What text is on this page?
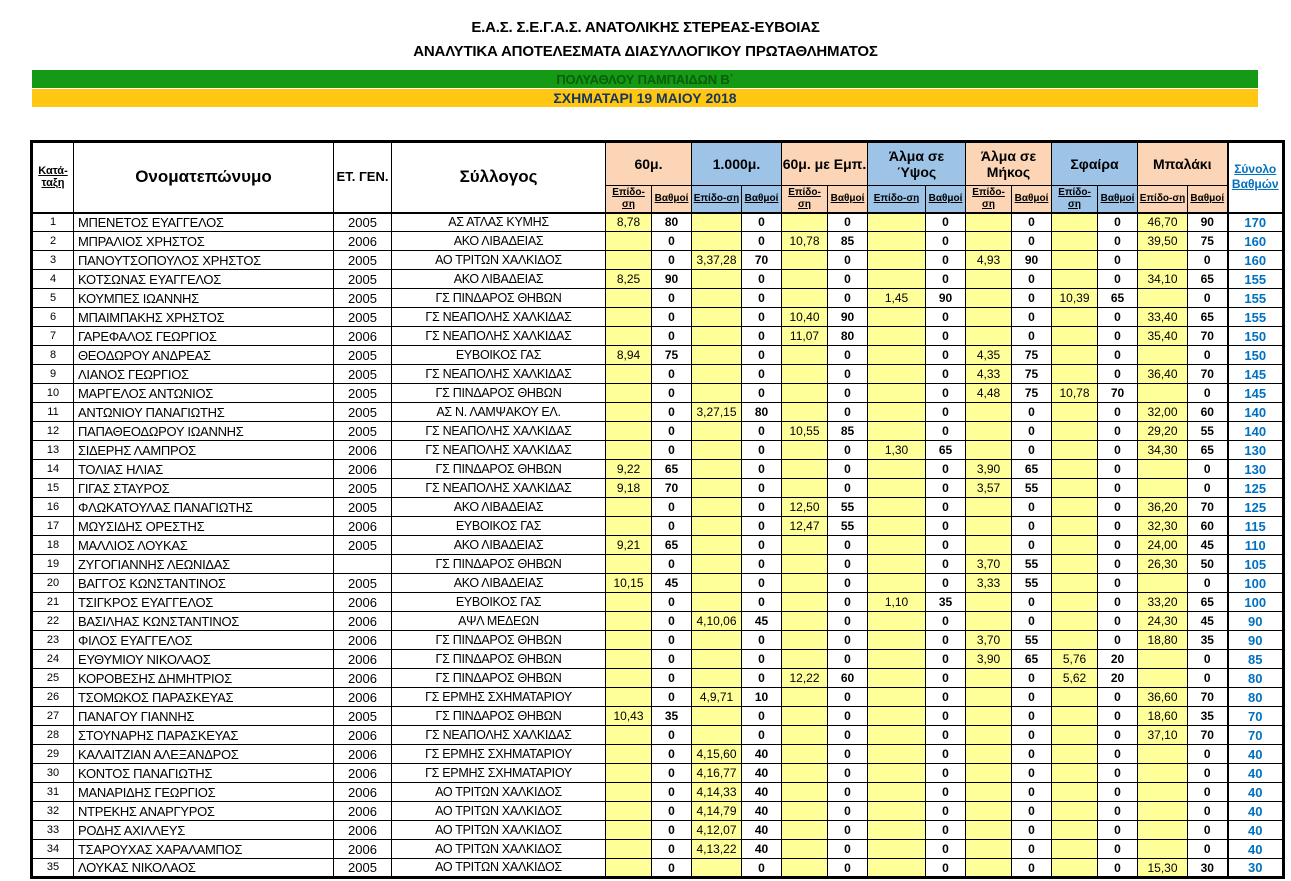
Ε.Α.Σ. Σ.Ε.Γ.Α.Σ. ΑΝΑΤΟΛΙΚΗΣ ΣΤΕΡΕΑΣ-ΕΥΒΟΙΑΣ
ΑΝΑΛΥΤΙΚΑ ΑΠΟΤΕΛΕΣΜΑΤΑ ΔΙΑΣΥΛΛΟΓΙΚΟΥ ΠΡΩΤΑΘΛΗΜΑΤΟΣ
ΠΟΛΥΑΘΛΟΥ ΠΑΜΠΑΙΔΩΝ Β΄
ΣΧΗΜΑΤΑΡΙ 19 ΜΑΙΟΥ 2018
Κατά-ταξη	Ονοματεπώνυμο	ΕΤ. ΓΕΝ.	Σύλλογος	60μ.		1.000μ.		60μ. με Εμπ.		Άλμα σε Ύψος		Άλμα σε Μήκος		Σφαίρα		Μπαλάκι		Σύνολο Βαθμών
				Επίδο-ση	Βαθμοί	Επίδο-ση	Βαθμοί	Επίδο-ση	Βαθμοί	Επίδο-ση	Βαθμοί	Επίδο-ση	Βαθμοί	Επίδο-ση	Βαθμοί	Επίδο-ση	Βαθμοί	
1	ΜΠΕΝΕΤΟΣ ΕΥΑΓΓΕΛΟΣ	2005	ΑΣ ΑΤΛΑΣ ΚΥΜΗΣ	8,78	80		0		0		0		0		0	46,70	90	170
2	ΜΠΡΑΛΙΟΣ ΧΡΗΣΤΟΣ	2006	ΑΚΟ ΛΙΒΑΔΕΙΑΣ		0		0	10,78	85		0		0		0	39,50	75	160
3	ΠΑΝΟΥΤΣΟΠΟΥΛΟΣ ΧΡΗΣΤΟΣ	2005	ΑΟ ΤΡΙΤΩΝ ΧΑΛΚΙΔΟΣ		0	3,37,28	70		0		0	4,93	90		0		0	160
4	ΚΟΤΣΩΝΑΣ ΕΥΑΓΓΕΛΟΣ	2005	ΑΚΟ ΛΙΒΑΔΕΙΑΣ	8,25	90		0		0		0		0		0	34,10	65	155
5	ΚΟΥΜΠΕΣ ΙΩΑΝΝΗΣ	2005	ΓΣ ΠΙΝΔΑΡΟΣ ΘΗΒΩΝ		0		0		0	1,45	90		0	10,39	65		0	155
6	ΜΠΑΙΜΠΑΚΗΣ ΧΡΗΣΤΟΣ	2005	ΓΣ ΝΕΑΠΟΛΗΣ ΧΑΛΚΙΔΑΣ		0		0	10,40	90		0		0		0	33,40	65	155
7	ΓΑΡΕΦΑΛΟΣ ΓΕΩΡΓΙΟΣ	2006	ΓΣ ΝΕΑΠΟΛΗΣ ΧΑΛΚΙΔΑΣ		0		0	11,07	80		0		0		0	35,40	70	150
8	ΘΕΟΔΩΡΟΥ ΑΝΔΡΕΑΣ	2005	ΕΥΒΟΙΚΟΣ ΓΑΣ	8,94	75		0		0		0	4,35	75		0		0	150
9	ΛΙΑΝΟΣ ΓΕΩΡΓΙΟΣ	2005	ΓΣ ΝΕΑΠΟΛΗΣ ΧΑΛΚΙΔΑΣ		0		0		0		0	4,33	75		0	36,40	70	145
10	ΜΑΡΓΕΛΟΣ ΑΝΤΩΝΙΟΣ	2005	ΓΣ ΠΙΝΔΑΡΟΣ ΘΗΒΩΝ		0		0		0		0	4,48	75	10,78	70		0	145
11	ΑΝΤΩΝΙΟΥ ΠΑΝΑΓΙΩΤΗΣ	2005	ΑΣ Ν. ΛΑΜΨΑΚΟΥ ΕΛ.		0	3,27,15	80		0		0		0		0	32,00	60	140
12	ΠΑΠΑΘΕΟΔΩΡΟΥ ΙΩΑΝΝΗΣ	2005	ΓΣ ΝΕΑΠΟΛΗΣ ΧΑΛΚΙΔΑΣ		0		0	10,55	85		0		0		0	29,20	55	140
13	ΣΙΔΕΡΗΣ ΛΑΜΠΡΟΣ	2006	ΓΣ ΝΕΑΠΟΛΗΣ ΧΑΛΚΙΔΑΣ		0		0		0	1,30	65		0		0	34,30	65	130
14	ΤΟΛΙΑΣ ΗΛΙΑΣ	2006	ΓΣ ΠΙΝΔΑΡΟΣ ΘΗΒΩΝ	9,22	65		0		0		0	3,90	65		0		0	130
15	ΓΙΓΑΣ ΣΤΑΥΡΟΣ	2005	ΓΣ ΝΕΑΠΟΛΗΣ ΧΑΛΚΙΔΑΣ	9,18	70		0		0		0	3,57	55		0		0	125
16	ΦΛΩΚΑΤΟΥΛΑΣ ΠΑΝΑΓΙΩΤΗΣ	2005	ΑΚΟ ΛΙΒΑΔΕΙΑΣ		0		0	12,50	55		0		0		0	36,20	70	125
17	ΜΩΥΣΙΔΗΣ ΟΡΕΣΤΗΣ	2006	ΕΥΒΟΙΚΟΣ ΓΑΣ		0		0	12,47	55		0		0		0	32,30	60	115
18	ΜΑΛΛΙΟΣ ΛΟΥΚΑΣ	2005	ΑΚΟ ΛΙΒΑΔΕΙΑΣ	9,21	65		0		0		0		0		0	24,00	45	110
19	ΖΥΓΟΓΙΑΝΝΗΣ ΛΕΩΝΙΔΑΣ		ΓΣ ΠΙΝΔΑΡΟΣ ΘΗΒΩΝ		0		0		0		0	3,70	55		0	26,30	50	105
20	ΒΑΓΓΟΣ ΚΩΝΣΤΑΝΤΙΝΟΣ	2005	ΑΚΟ ΛΙΒΑΔΕΙΑΣ	10,15	45		0		0		0	3,33	55		0		0	100
21	ΤΣΙΓΚΡΟΣ ΕΥΑΓΓΕΛΟΣ	2006	ΕΥΒΟΙΚΟΣ ΓΑΣ		0		0		0	1,10	35		0		0	33,20	65	100
22	ΒΑΣΙΛΗΑΣ ΚΩΝΣΤΑΝΤΙΝΟΣ	2006	ΑΨΛ ΜΕΔΕΩΝ		0	4,10,06	45		0		0		0		0	24,30	45	90
23	ΦΙΛΟΣ ΕΥΑΓΓΕΛΟΣ	2006	ΓΣ ΠΙΝΔΑΡΟΣ ΘΗΒΩΝ		0		0		0		0	3,70	55		0	18,80	35	90
24	ΕΥΘΥΜΙΟΥ ΝΙΚΟΛΑΟΣ	2006	ΓΣ ΠΙΝΔΑΡΟΣ ΘΗΒΩΝ		0		0		0		0	3,90	65	5,76	20		0	85
25	ΚΟΡΟΒΕΣΗΣ ΔΗΜΗΤΡΙΟΣ	2006	ΓΣ ΠΙΝΔΑΡΟΣ ΘΗΒΩΝ		0		0	12,22	60		0		0	5,62	20		0	80
26	ΤΣΟΜΩΚΟΣ ΠΑΡΑΣΚΕΥΑΣ	2006	ΓΣ ΕΡΜΗΣ ΣΧΗΜΑΤΑΡΙΟΥ		0	4,9,71	10		0		0		0		0	36,60	70	80
27	ΠΑΝΑΓΟΥ ΓΙΑΝΝΗΣ	2005	ΓΣ ΠΙΝΔΑΡΟΣ ΘΗΒΩΝ	10,43	35		0		0		0		0		0	18,60	35	70
28	ΣΤΟΥΝΑΡΗΣ ΠΑΡΑΣΚΕΥΑΣ	2006	ΓΣ ΝΕΑΠΟΛΗΣ ΧΑΛΚΙΔΑΣ		0		0		0		0		0		0	37,10	70	70
29	ΚΑΛΑΙΤΖΙΑΝ ΑΛΕΞΑΝΔΡΟΣ	2006	ΓΣ ΕΡΜΗΣ ΣΧΗΜΑΤΑΡΙΟΥ		0	4,15,60	40		0		0		0		0		0	40
30	ΚΟΝΤΟΣ ΠΑΝΑΓΙΩΤΗΣ	2006	ΓΣ ΕΡΜΗΣ ΣΧΗΜΑΤΑΡΙΟΥ		0	4,16,77	40		0		0		0		0		0	40
31	ΜΑΝΑΡΙΔΗΣ ΓΕΩΡΓΙΟΣ	2006	ΑΟ ΤΡΙΤΩΝ ΧΑΛΚΙΔΟΣ		0	4,14,33	40		0		0		0		0		0	40
32	ΝΤΡΕΚΗΣ ΑΝΑΡΓΥΡΟΣ	2006	ΑΟ ΤΡΙΤΩΝ ΧΑΛΚΙΔΟΣ		0	4,14,79	40		0		0		0		0		0	40
33	ΡΟΔΗΣ ΑΧΙΛΛΕΥΣ	2006	ΑΟ ΤΡΙΤΩΝ ΧΑΛΚΙΔΟΣ		0	4,12,07	40		0		0		0		0		0	40
34	ΤΣΑΡΟΥΧΑΣ ΧΑΡΑΛΑΜΠΟΣ	2006	ΑΟ ΤΡΙΤΩΝ ΧΑΛΚΙΔΟΣ		0	4,13,22	40		0		0		0		0		0	40
35	ΛΟΥΚΑΣ ΝΙΚΟΛΑΟΣ	2005	ΑΟ ΤΡΙΤΩΝ ΧΑΛΚΙΔΟΣ		0		0		0		0		0		0	15,30	30	30
